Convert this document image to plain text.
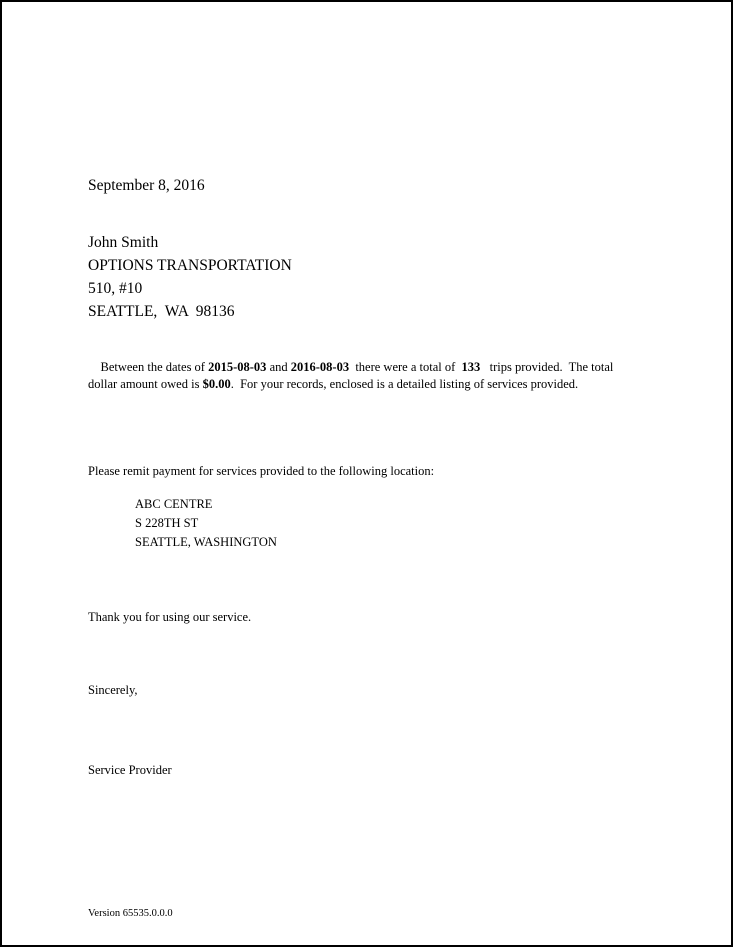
September 8, 2016
John Smith
OPTIONS TRANSPORTATION
510, #10
SEATTLE,  WA  98136

Between the dates of 2015-08-03 and 2016-08-03  there were a total of  133   trips provided.  The total dollar amount owed is $0.00.  For your records, enclosed is a detailed listing of services provided.

Please remit payment for services provided to the following location:
ABC CENTRE
S 228TH ST
SEATTLE, WASHINGTON
Thank you for using our service.
Sincerely,
Service Provider
Version 65535.0.0.0
